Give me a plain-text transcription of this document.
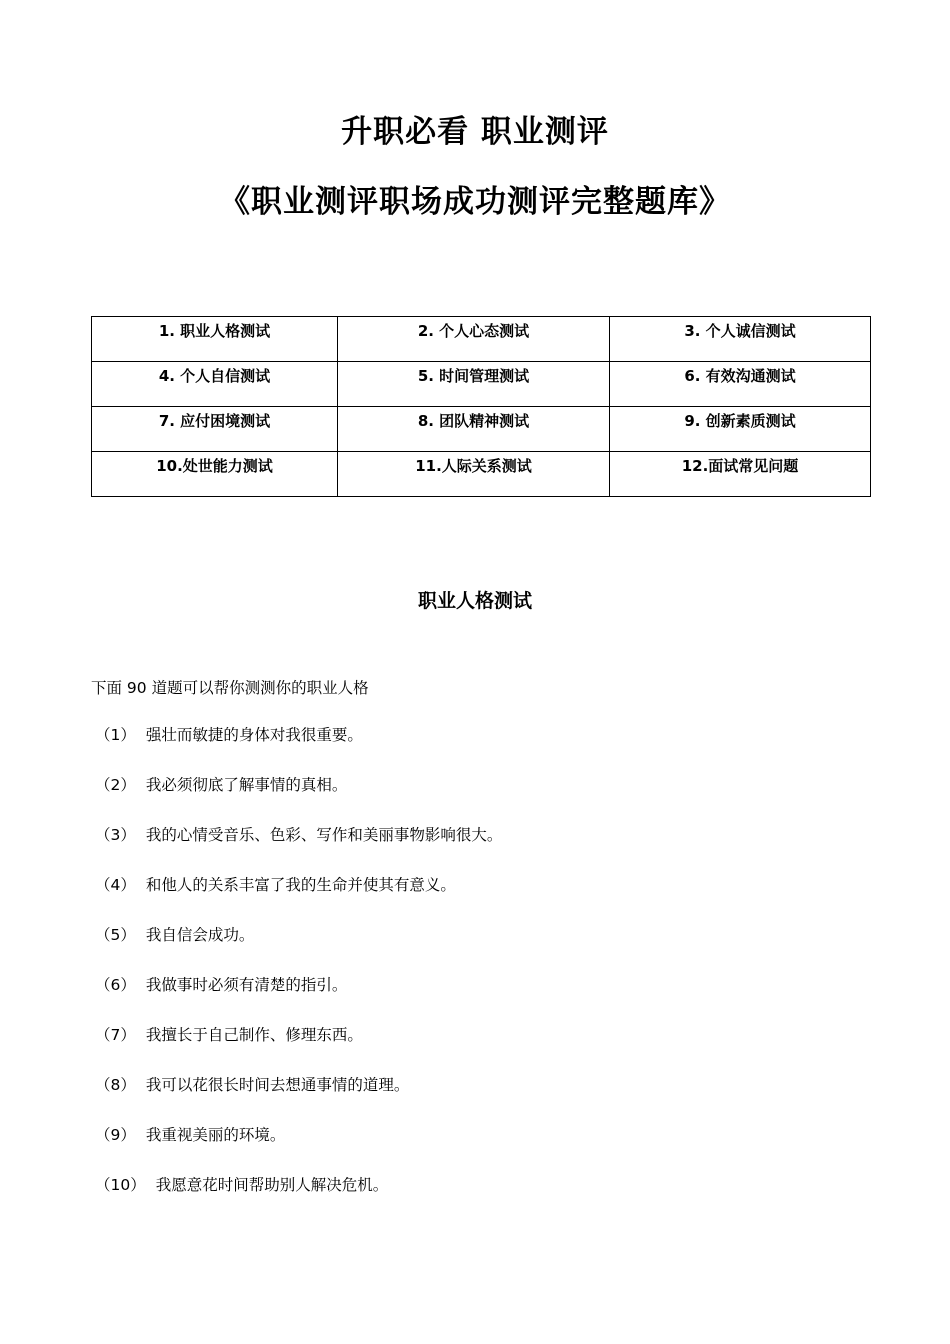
升职必看 职业测评
《职业测评职场成功测评完整题库》
1. 职业人格测试	2. 个人心态测试	3. 个人诚信测试
4. 个人自信测试	5. 时间管理测试	6. 有效沟通测试
7. 应付困境测试	8. 团队精神测试	9. 创新素质测试
10.处世能力测试	11.人际关系测试	12.面试常见问题
职业人格测试
下面 90 道题可以帮你测测你的职业人格
（1） 强壮而敏捷的身体对我很重要。
（2） 我必须彻底了解事情的真相。
（3） 我的心情受音乐、色彩、写作和美丽事物影响很大。
（4） 和他人的关系丰富了我的生命并使其有意义。
（5） 我自信会成功。
（6） 我做事时必须有清楚的指引。
（7） 我擅长于自己制作、修理东西。
（8） 我可以花很长时间去想通事情的道理。
（9） 我重视美丽的环境。
（10） 我愿意花时间帮助别人解决危机。
